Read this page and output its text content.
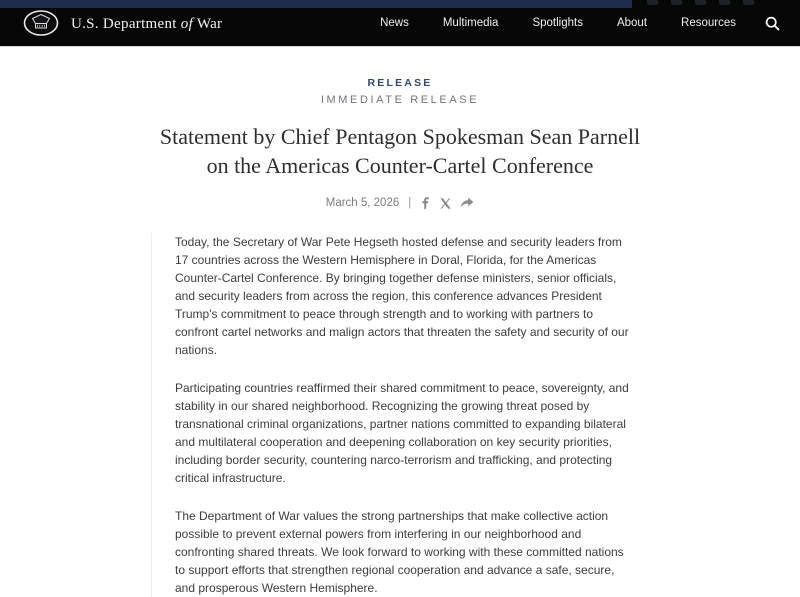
U.S. Department of War	News	Multimedia	Spotlights	About	Resources
RELEASE
IMMEDIATE RELEASE
Statement by Chief Pentagon Spokesman Sean Parnell on the Americas Counter-Cartel Conference
March 5, 2026 |

Today, the Secretary of War Pete Hegseth hosted defense and security leaders from 17 countries across the Western Hemisphere in Doral, Florida, for the Americas Counter-Cartel Conference. By bringing together defense ministers, senior officials, and security leaders from across the region, this conference advances President Trump's commitment to peace through strength and to working with partners to confront cartel networks and malign actors that threaten the safety and security of our nations.

Participating countries reaffirmed their shared commitment to peace, sovereignty, and stability in our shared neighborhood. Recognizing the growing threat posed by transnational criminal organizations, partner nations committed to expanding bilateral and multilateral cooperation and deepening collaboration on key security priorities, including border security, countering narco-terrorism and trafficking, and protecting critical infrastructure.

The Department of War values the strong partnerships that make collective action possible to prevent external powers from interfering in our neighborhood and confronting shared threats. We look forward to working with these committed nations to support efforts that strengthen regional cooperation and advance a safe, secure, and prosperous Western Hemisphere.
